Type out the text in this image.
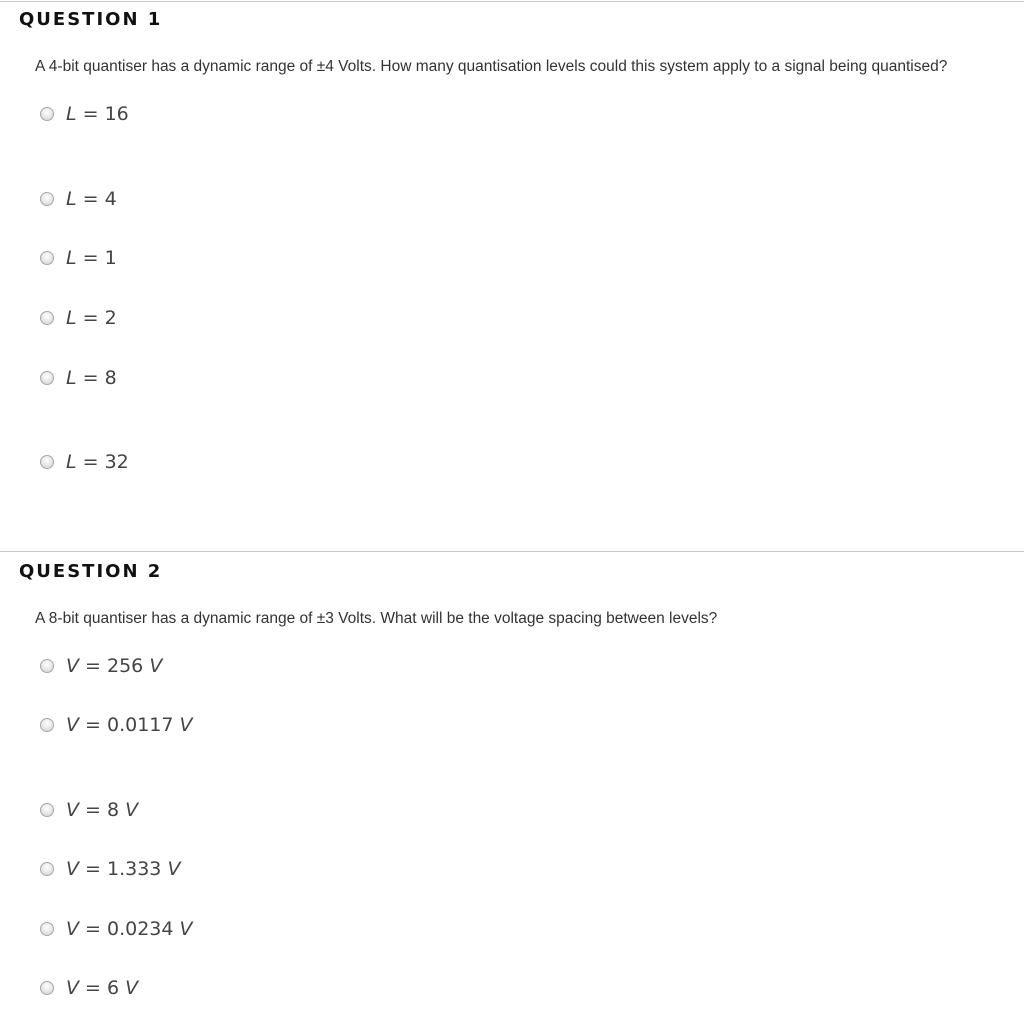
QUESTION 1
A 4-bit quantiser has a dynamic range of ±4 Volts. How many quantisation levels could this system apply to a signal being quantised?
L = 16
L = 4
L = 1
L = 2
L = 8
L = 32
QUESTION 2
A 8-bit quantiser has a dynamic range of ±3 Volts. What will be the voltage spacing between levels?
V = 256 V
V = 0.0117 V
V = 8 V
V = 1.333 V
V = 0.0234 V
V = 6 V
